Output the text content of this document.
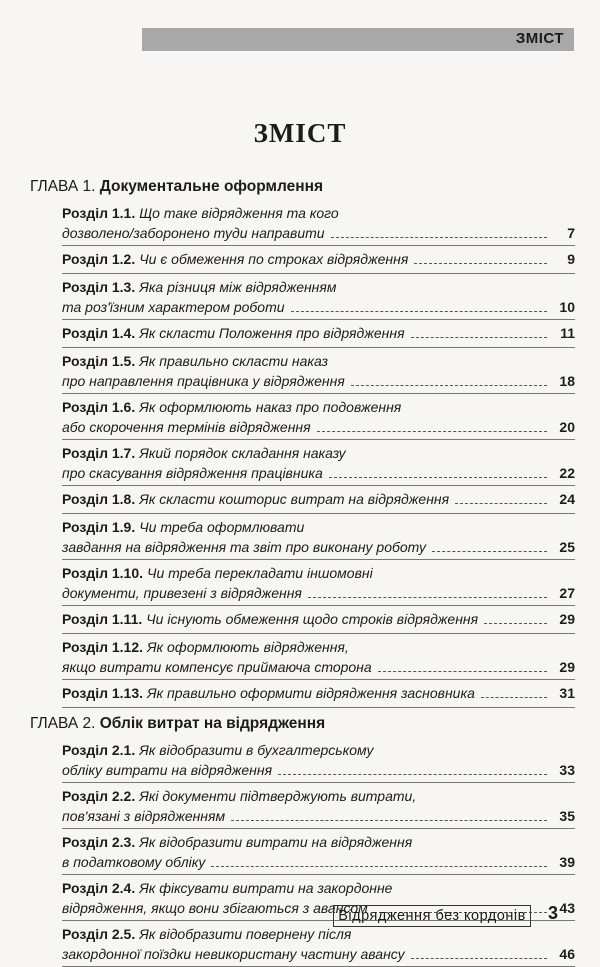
ЗМІСТ
ЗМІСТ
ГЛАВА 1. Документальне оформлення
Розділ 1.1. Що таке відрядження та кого
дозволено/заборонено туди направити	7
Розділ 1.2. Чи є обмеження по строках відрядження	9
Розділ 1.3. Яка різниця між відрядженням
та роз'їзним характером роботи	10
Розділ 1.4. Як скласти Положення про відрядження	11
Розділ 1.5. Як правильно скласти наказ
про направлення працівника у відрядження	18
Розділ 1.6. Як оформлюють наказ про подовження
або скорочення термінів відрядження	20
Розділ 1.7. Який порядок складання наказу
про скасування відрядження працівника	22
Розділ 1.8. Як скласти кошторис витрат на відрядження	24
Розділ 1.9. Чи треба оформлювати
завдання на відрядження та звіт про виконану роботу	25
Розділ 1.10. Чи треба перекладати іншомовні
документи, привезені з відрядження	27
Розділ 1.11. Чи існують обмеження щодо строків відрядження	29
Розділ 1.12. Як оформлюють відрядження,
якщо витрати компенсує приймаюча сторона	29
Розділ 1.13. Як правильно оформити відрядження засновника	31
ГЛАВА 2. Облік витрат на відрядження
Розділ 2.1. Як відобразити в бухгалтерському
обліку витрати на відрядження	33
Розділ 2.2. Які документи підтверджують витрати,
пов'язані з відрядженням	35
Розділ 2.3. Як відобразити витрати на відрядження
в податковому обліку	39
Розділ 2.4. Як фіксувати витрати на закордонне
відрядження, якщо вони збігаються з авансом	43
Розділ 2.5. Як відобразити повернену після
закордонної поїздки невикористану частину авансу	46
Відрядження без кордонів 3
